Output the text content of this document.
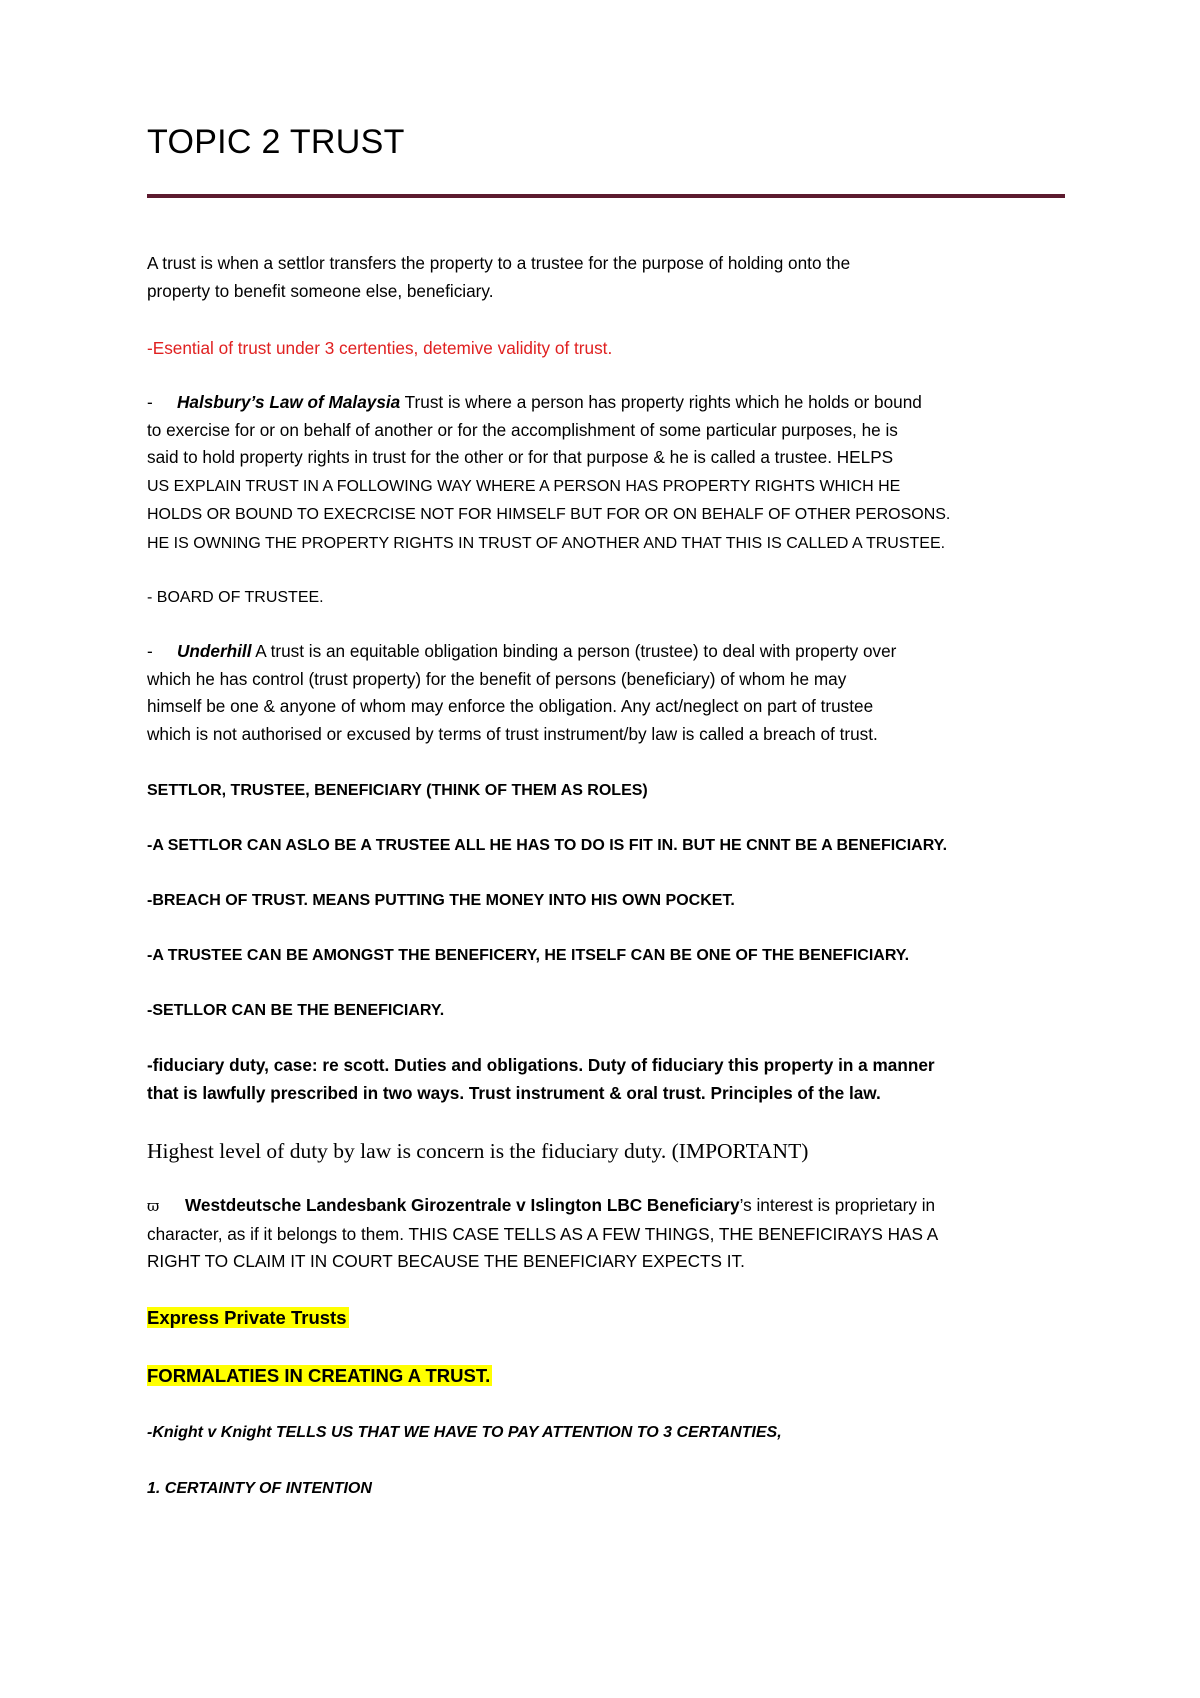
TOPIC 2 TRUST

A trust is when a settlor transfers the property to a trustee for the purpose of holding onto the
property to benefit someone else, beneficiary.

-Esential of trust under 3 certenties, detemive validity of trust.

- Halsbury’s Law of Malaysia Trust is where a person has property rights which he holds or bound
to exercise for or on behalf of another or for the accomplishment of some particular purposes, he is
said to hold property rights in trust for the other or for that purpose & he is called a trustee. HELPS
US EXPLAIN TRUST IN A FOLLOWING WAY WHERE A PERSON HAS PROPERTY RIGHTS WHICH HE
HOLDS OR BOUND TO EXECRCISE NOT FOR HIMSELF BUT FOR OR ON BEHALF OF OTHER PEROSONS.
HE IS OWNING THE PROPERTY RIGHTS IN TRUST OF ANOTHER AND THAT THIS IS CALLED A TRUSTEE.

- BOARD OF TRUSTEE.

- Underhill A trust is an equitable obligation binding a person (trustee) to deal with property over
which he has control (trust property) for the benefit of persons (beneficiary) of whom he may
himself be one & anyone of whom may enforce the obligation. Any act/neglect on part of trustee
which is not authorised or excused by terms of trust instrument/by law is called a breach of trust.

SETTLOR, TRUSTEE, BENEFICIARY (THINK OF THEM AS ROLES)

-A SETTLOR CAN ASLO BE A TRUSTEE ALL HE HAS TO DO IS FIT IN. BUT HE CNNT BE A BENEFICIARY.

-BREACH OF TRUST. MEANS PUTTING THE MONEY INTO HIS OWN POCKET.

-A TRUSTEE CAN BE AMONGST THE BENEFICERY, HE ITSELF CAN BE ONE OF THE BENEFICIARY.

-SETLLOR CAN BE THE BENEFICIARY.

-fiduciary duty, case: re scott. Duties and obligations. Duty of fiduciary this property in a manner
that is lawfully prescribed in two ways. Trust instrument & oral trust. Principles of the law.

Highest level of duty by law is concern is the fiduciary duty. (IMPORTANT)

ϖ Westdeutsche Landesbank Girozentrale v Islington LBC Beneficiary’s interest is proprietary in
character, as if it belongs to them. THIS CASE TELLS AS A FEW THINGS, THE BENEFICIRAYS HAS A
RIGHT TO CLAIM IT IN COURT BECAUSE THE BENEFICIARY EXPECTS IT.

Express Private Trusts

FORMALATIES IN CREATING A TRUST.

-Knight v Knight TELLS US THAT WE HAVE TO PAY ATTENTION TO 3 CERTANTIES,

1. CERTAINTY OF INTENTION
